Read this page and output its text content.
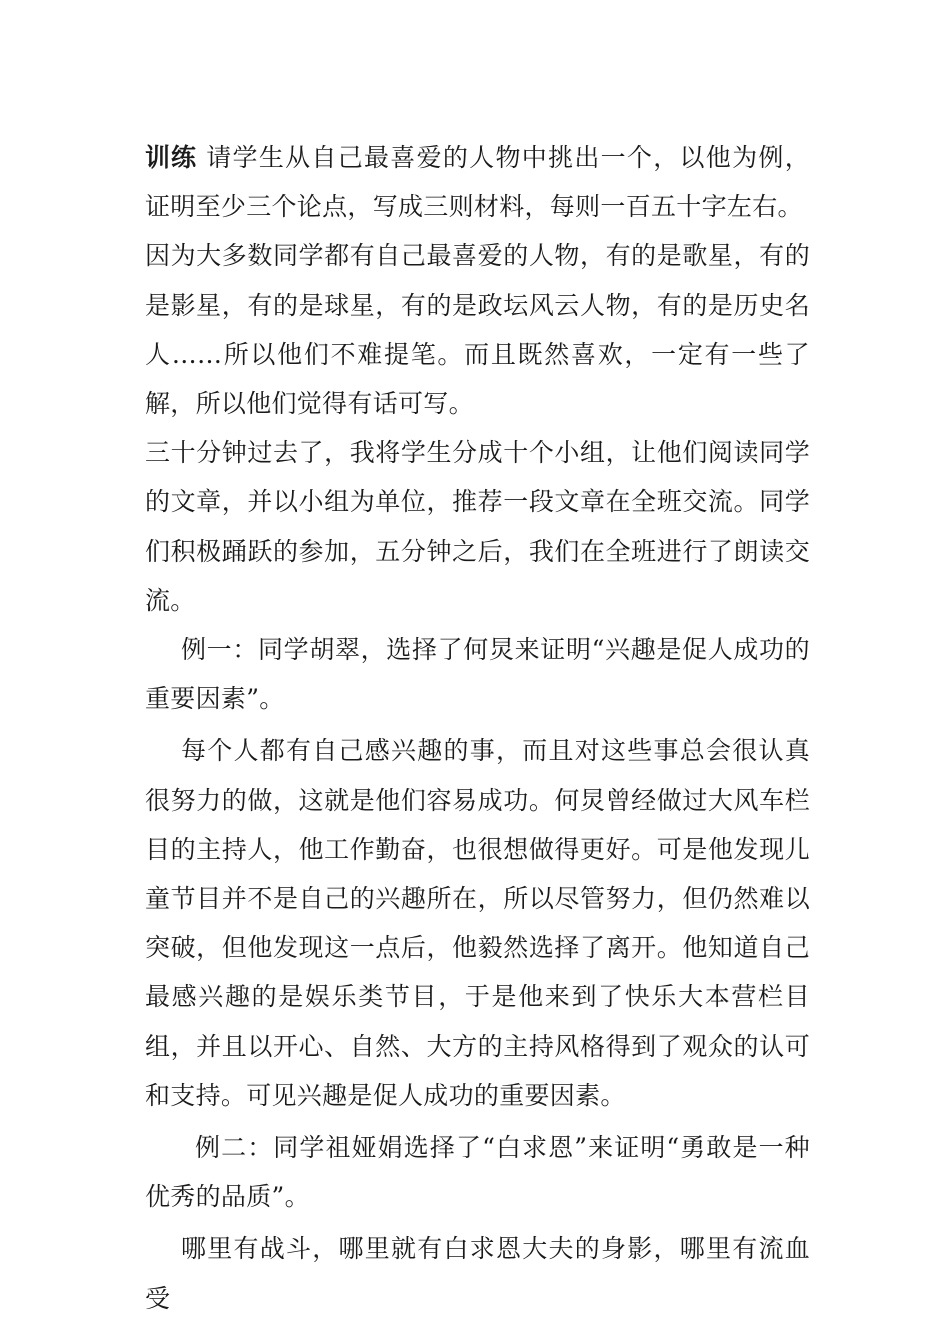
训练 请学生从自己最喜爱的人物中挑出一个，以他为例，证明至少三个论点，写成三则材料，每则一百五十字左右。

因为大多数同学都有自己最喜爱的人物，有的是歌星，有的是影星，有的是球星，有的是政坛风云人物，有的是历史名人……所以他们不难提笔。而且既然喜欢，一定有一些了解，所以他们觉得有话可写。

三十分钟过去了，我将学生分成十个小组，让他们阅读同学的文章，并以小组为单位，推荐一段文章在全班交流。同学们积极踊跃的参加，五分钟之后，我们在全班进行了朗读交流。

例一：同学胡翠，选择了何炅来证明“兴趣是促人成功的重要因素”。

每个人都有自己感兴趣的事，而且对这些事总会很认真很努力的做，这就是他们容易成功。何炅曾经做过大风车栏目的主持人，他工作勤奋，也很想做得更好。可是他发现儿童节目并不是自己的兴趣所在，所以尽管努力，但仍然难以突破，但他发现这一点后，他毅然选择了离开。他知道自己最感兴趣的是娱乐类节目，于是他来到了快乐大本营栏目组，并且以开心、自然、大方的主持风格得到了观众的认可和支持。可见兴趣是促人成功的重要因素。

例二：同学祖娅娟选择了“白求恩”来证明“勇敢是一种优秀的品质”。

哪里有战斗，哪里就有白求恩大夫的身影，哪里有流血受
